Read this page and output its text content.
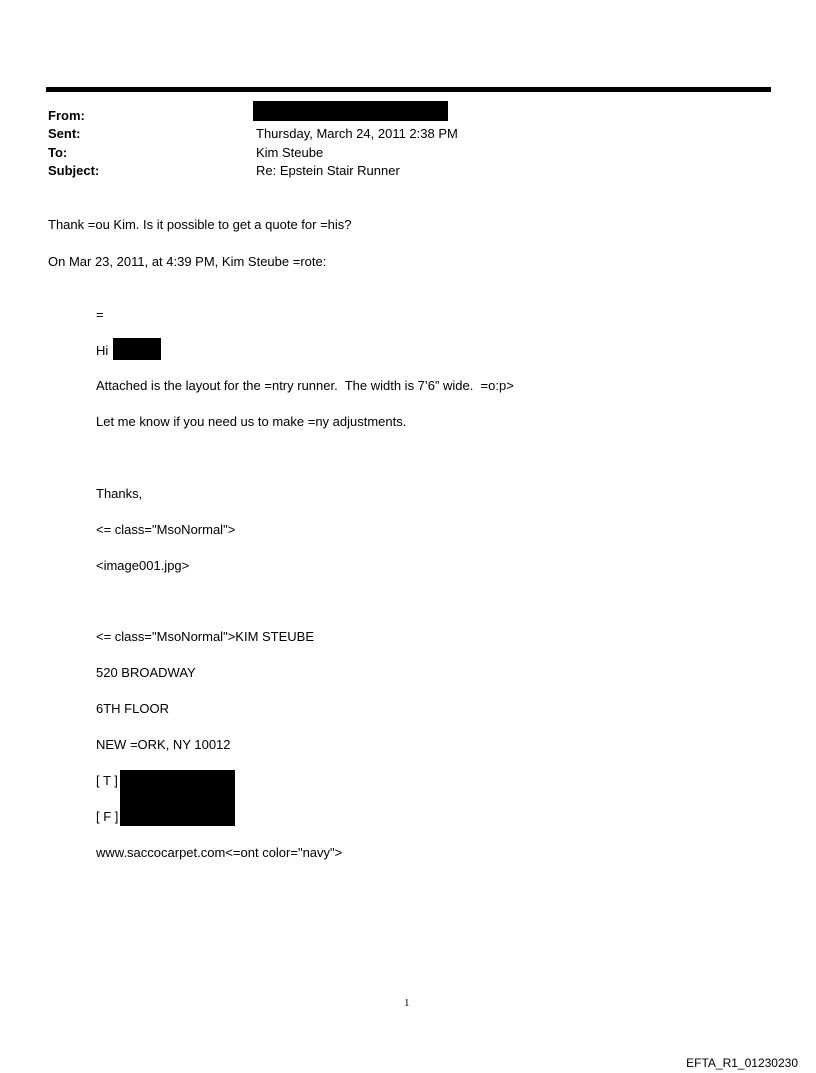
From:
Sent:	Thursday, March 24, 2011 2:38 PM
To:	Kim Steube
Subject:	Re: Epstein Stair Runner
Thank =ou Kim. Is it possible to get a quote for =his?
On Mar 23, 2011, at 4:39 PM, Kim Steube =rote:
=
Hi
Attached is the layout for the =ntry runner.  The width is 7’6” wide.  =o:p>
Let me know if you need us to make =ny adjustments.
Thanks,
<= class="MsoNormal">
<image001.jpg>
<= class="MsoNormal">KIM STEUBE
520 BROADWAY
6TH FLOOR
NEW =ORK, NY 10012
[ T ]
[ F ]
www.saccocarpet.com<=ont color="navy">
1
EFTA_R1_01230230
